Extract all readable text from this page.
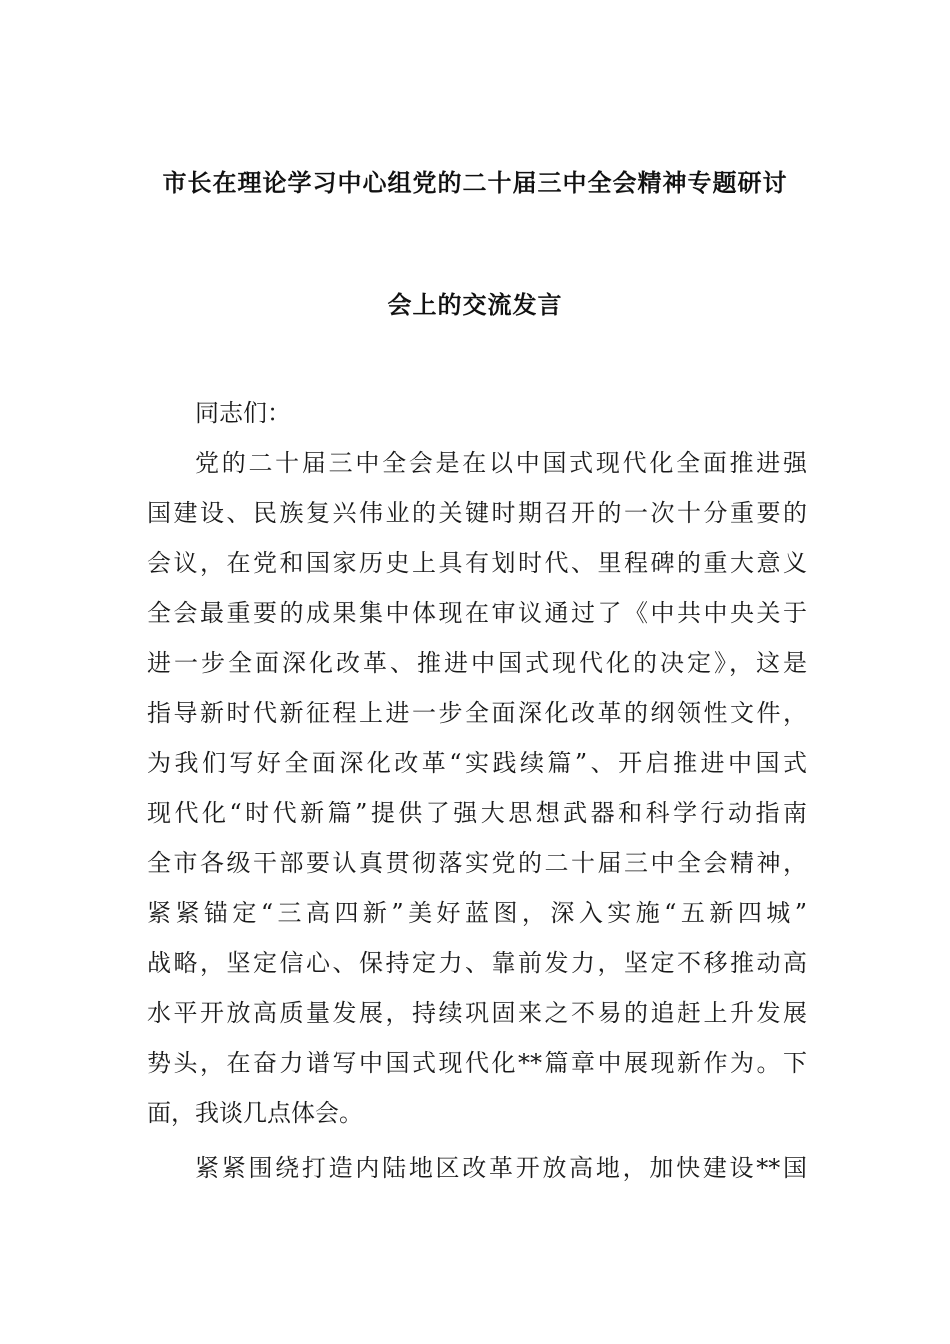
市长在理论学习中心组党的二十届三中全会精神专题研讨
会上的交流发言
同志们：
党的二十届三中全会是在以中国式现代化全面推进强
国建设、民族复兴伟业的关键时期召开的一次十分重要的
会议，在党和国家历史上具有划时代、里程碑的重大意义
全会最重要的成果集中体现在审议通过了《中共中央关于
进一步全面深化改革、推进中国式现代化的决定》，这是
指导新时代新征程上进一步全面深化改革的纲领性文件，
为我们写好全面深化改革“实践续篇”、开启推进中国式
现代化“时代新篇”提供了强大思想武器和科学行动指南
全市各级干部要认真贯彻落实党的二十届三中全会精神，
紧紧锚定“三高四新”美好蓝图，深入实施“五新四城”
战略，坚定信心、保持定力、靠前发力，坚定不移推动高
水平开放高质量发展，持续巩固来之不易的追赶上升发展
势头，在奋力谱写中国式现代化**篇章中展现新作为。下
面，我谈几点体会。
紧紧围绕打造内陆地区改革开放高地，加快建设**国
